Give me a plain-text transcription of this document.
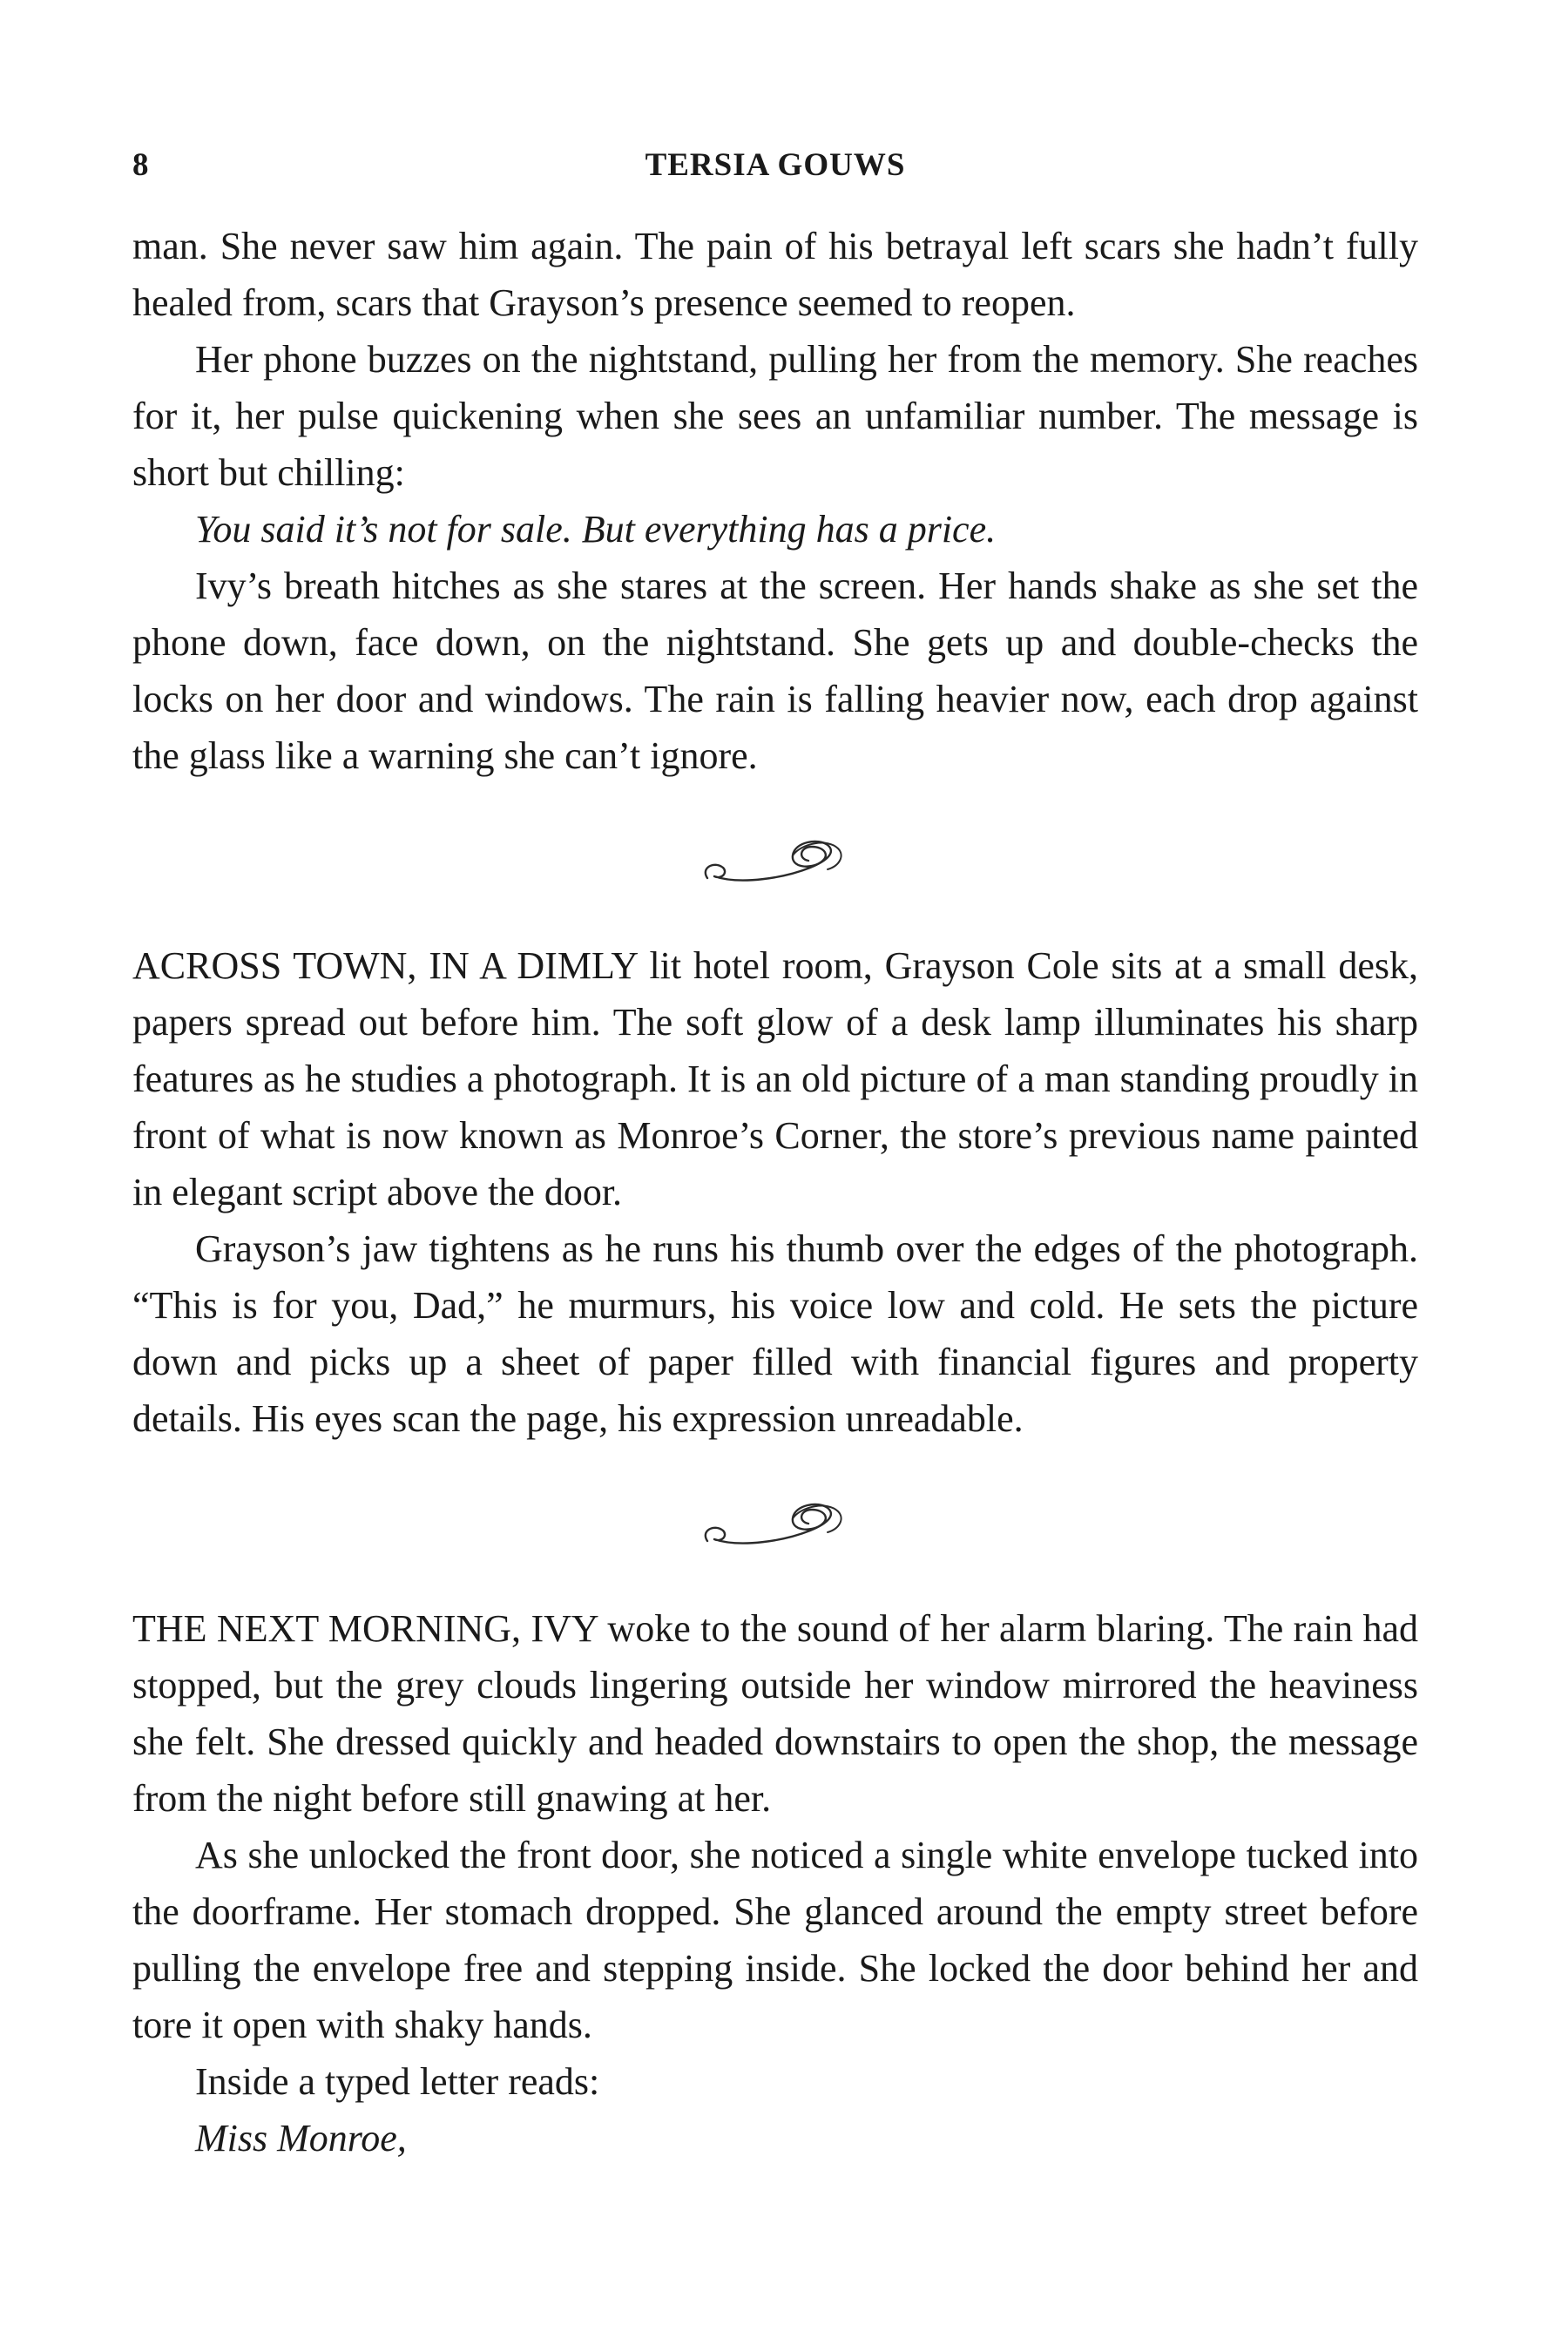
8	TERSIA GOUWS

man. She never saw him again. The pain of his betrayal left scars she hadn’t fully healed from, scars that Grayson’s presence seemed to reopen.

Her phone buzzes on the nightstand, pulling her from the memory. She reaches for it, her pulse quickening when she sees an unfamiliar number. The message is short but chilling:

You said it’s not for sale. But everything has a price.

Ivy’s breath hitches as she stares at the screen. Her hands shake as she set the phone down, face down, on the nightstand. She gets up and double-checks the locks on her door and windows. The rain is falling heavier now, each drop against the glass like a warning she can’t ignore.

ACROSS TOWN, IN A DIMLY lit hotel room, Grayson Cole sits at a small desk, papers spread out before him. The soft glow of a desk lamp illuminates his sharp features as he studies a photograph. It is an old picture of a man standing proudly in front of what is now known as Monroe’s Corner, the store’s previous name painted in elegant script above the door.

Grayson’s jaw tightens as he runs his thumb over the edges of the photograph. “This is for you, Dad,” he murmurs, his voice low and cold. He sets the picture down and picks up a sheet of paper filled with financial figures and property details. His eyes scan the page, his expression unreadable.

THE NEXT MORNING, IVY woke to the sound of her alarm blaring. The rain had stopped, but the grey clouds lingering outside her window mirrored the heaviness she felt. She dressed quickly and headed downstairs to open the shop, the message from the night before still gnawing at her.

As she unlocked the front door, she noticed a single white envelope tucked into the doorframe. Her stomach dropped. She glanced around the empty street before pulling the envelope free and stepping inside. She locked the door behind her and tore it open with shaky hands.

Inside a typed letter reads:

Miss Monroe,
